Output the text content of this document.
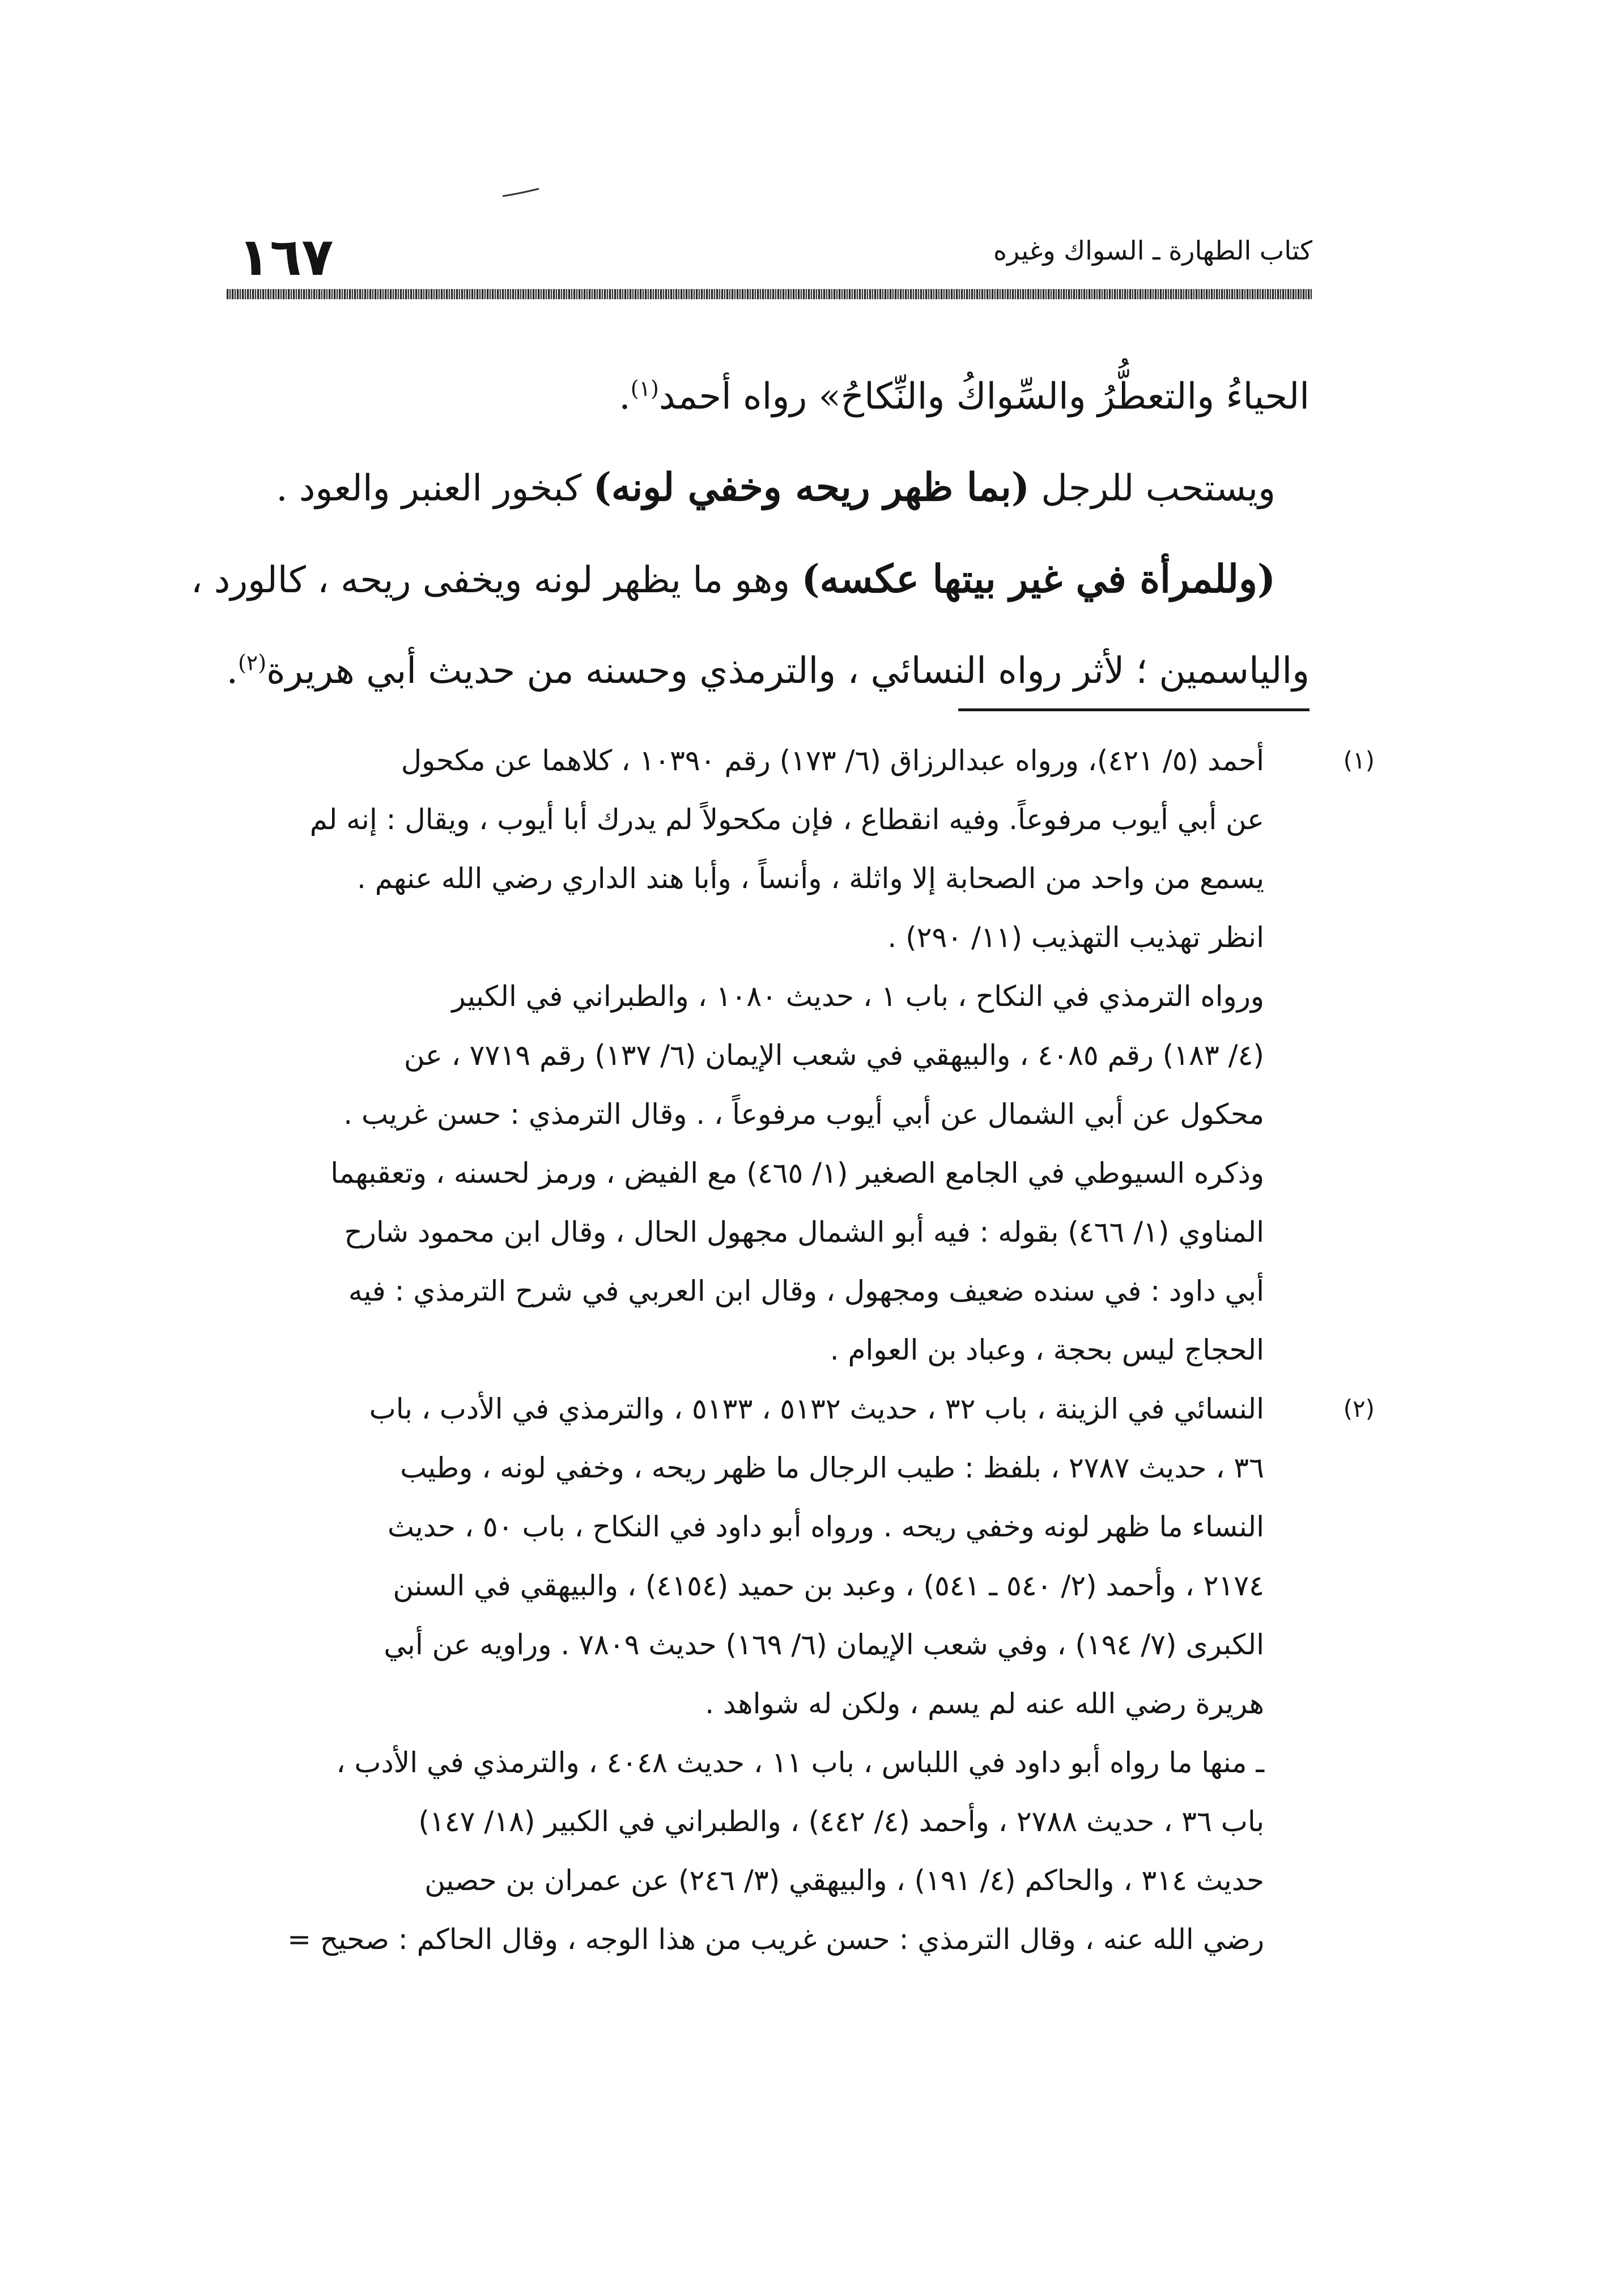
كتاب الطهارة ـ السواك وغيره
١٦٧

الحياءُ والتعطُّرُ والسِّواكُ والنِّكاحُ» رواه أحمد$^{(١)}$.

ويستحب للرجل (بما ظهر ريحه وخفي لونه) كبخور العنبر والعود .

(وللمرأة في غير بيتها عكسه) وهو ما يظهر لونه ويخفى ريحه ، كالورد ،

والياسمين ؛ لأثر رواه النسائي ، والترمذي وحسنه من حديث أبي هريرة$^{(٢)}$.

(١)
أحمد (٥/ ٤٢١)، ورواه عبدالرزاق (٦/ ١٧٣) رقم ١٠٣٩٠ ، كلاهما عن مكحول
عن أبي أيوب مرفوعاً. وفيه انقطاع ، فإن مكحولاً لم يدرك أبا أيوب ، ويقال : إنه لم
يسمع من واحد من الصحابة إلا واثلة ، وأنساً ، وأبا هند الداري رضي الله عنهم .
انظر تهذيب التهذيب (١١/ ٢٩٠) .
ورواه الترمذي في النكاح ، باب ١ ، حديث ١٠٨٠ ، والطبراني في الكبير
(٤/ ١٨٣) رقم ٤٠٨٥ ، والبيهقي في شعب الإيمان (٦/ ١٣٧) رقم ٧٧١٩ ، عن
محكول عن أبي الشمال عن أبي أيوب مرفوعاً ، . وقال الترمذي : حسن غريب .
وذكره السيوطي في الجامع الصغير (١/ ٤٦٥) مع الفيض ، ورمز لحسنه ، وتعقبهما
المناوي (١/ ٤٦٦) بقوله : فيه أبو الشمال مجهول الحال ، وقال ابن محمود شارح
أبي داود : في سنده ضعيف ومجهول ، وقال ابن العربي في شرح الترمذي : فيه
الحجاج ليس بحجة ، وعباد بن العوام .
(٢)
النسائي في الزينة ، باب ٣٢ ، حديث ٥١٣٢ ، ٥١٣٣ ، والترمذي في الأدب ، باب
٣٦ ، حديث ٢٧٨٧ ، بلفظ : طيب الرجال ما ظهر ريحه ، وخفي لونه ، وطيب
النساء ما ظهر لونه وخفي ريحه . ورواه أبو داود في النكاح ، باب ٥٠ ، حديث
٢١٧٤ ، وأحمد (٢/ ٥٤٠ ـ ٥٤١) ، وعبد بن حميد (٤١٥٤) ، والبيهقي في السنن
الكبرى (٧/ ١٩٤) ، وفي شعب الإيمان (٦/ ١٦٩) حديث ٧٨٠٩ . وراويه عن أبي
هريرة رضي الله عنه لم يسم ، ولكن له شواهد .
ـ منها ما رواه أبو داود في اللباس ، باب ١١ ، حديث ٤٠٤٨ ، والترمذي في الأدب ،
باب ٣٦ ، حديث ٢٧٨٨ ، وأحمد (٤/ ٤٤٢) ، والطبراني في الكبير (١٨/ ١٤٧)
حديث ٣١٤ ، والحاكم (٤/ ١٩١) ، والبيهقي (٣/ ٢٤٦) عن عمران بن حصين
رضي الله عنه ، وقال الترمذي : حسن غريب من هذا الوجه ، وقال الحاكم : صحيح =
